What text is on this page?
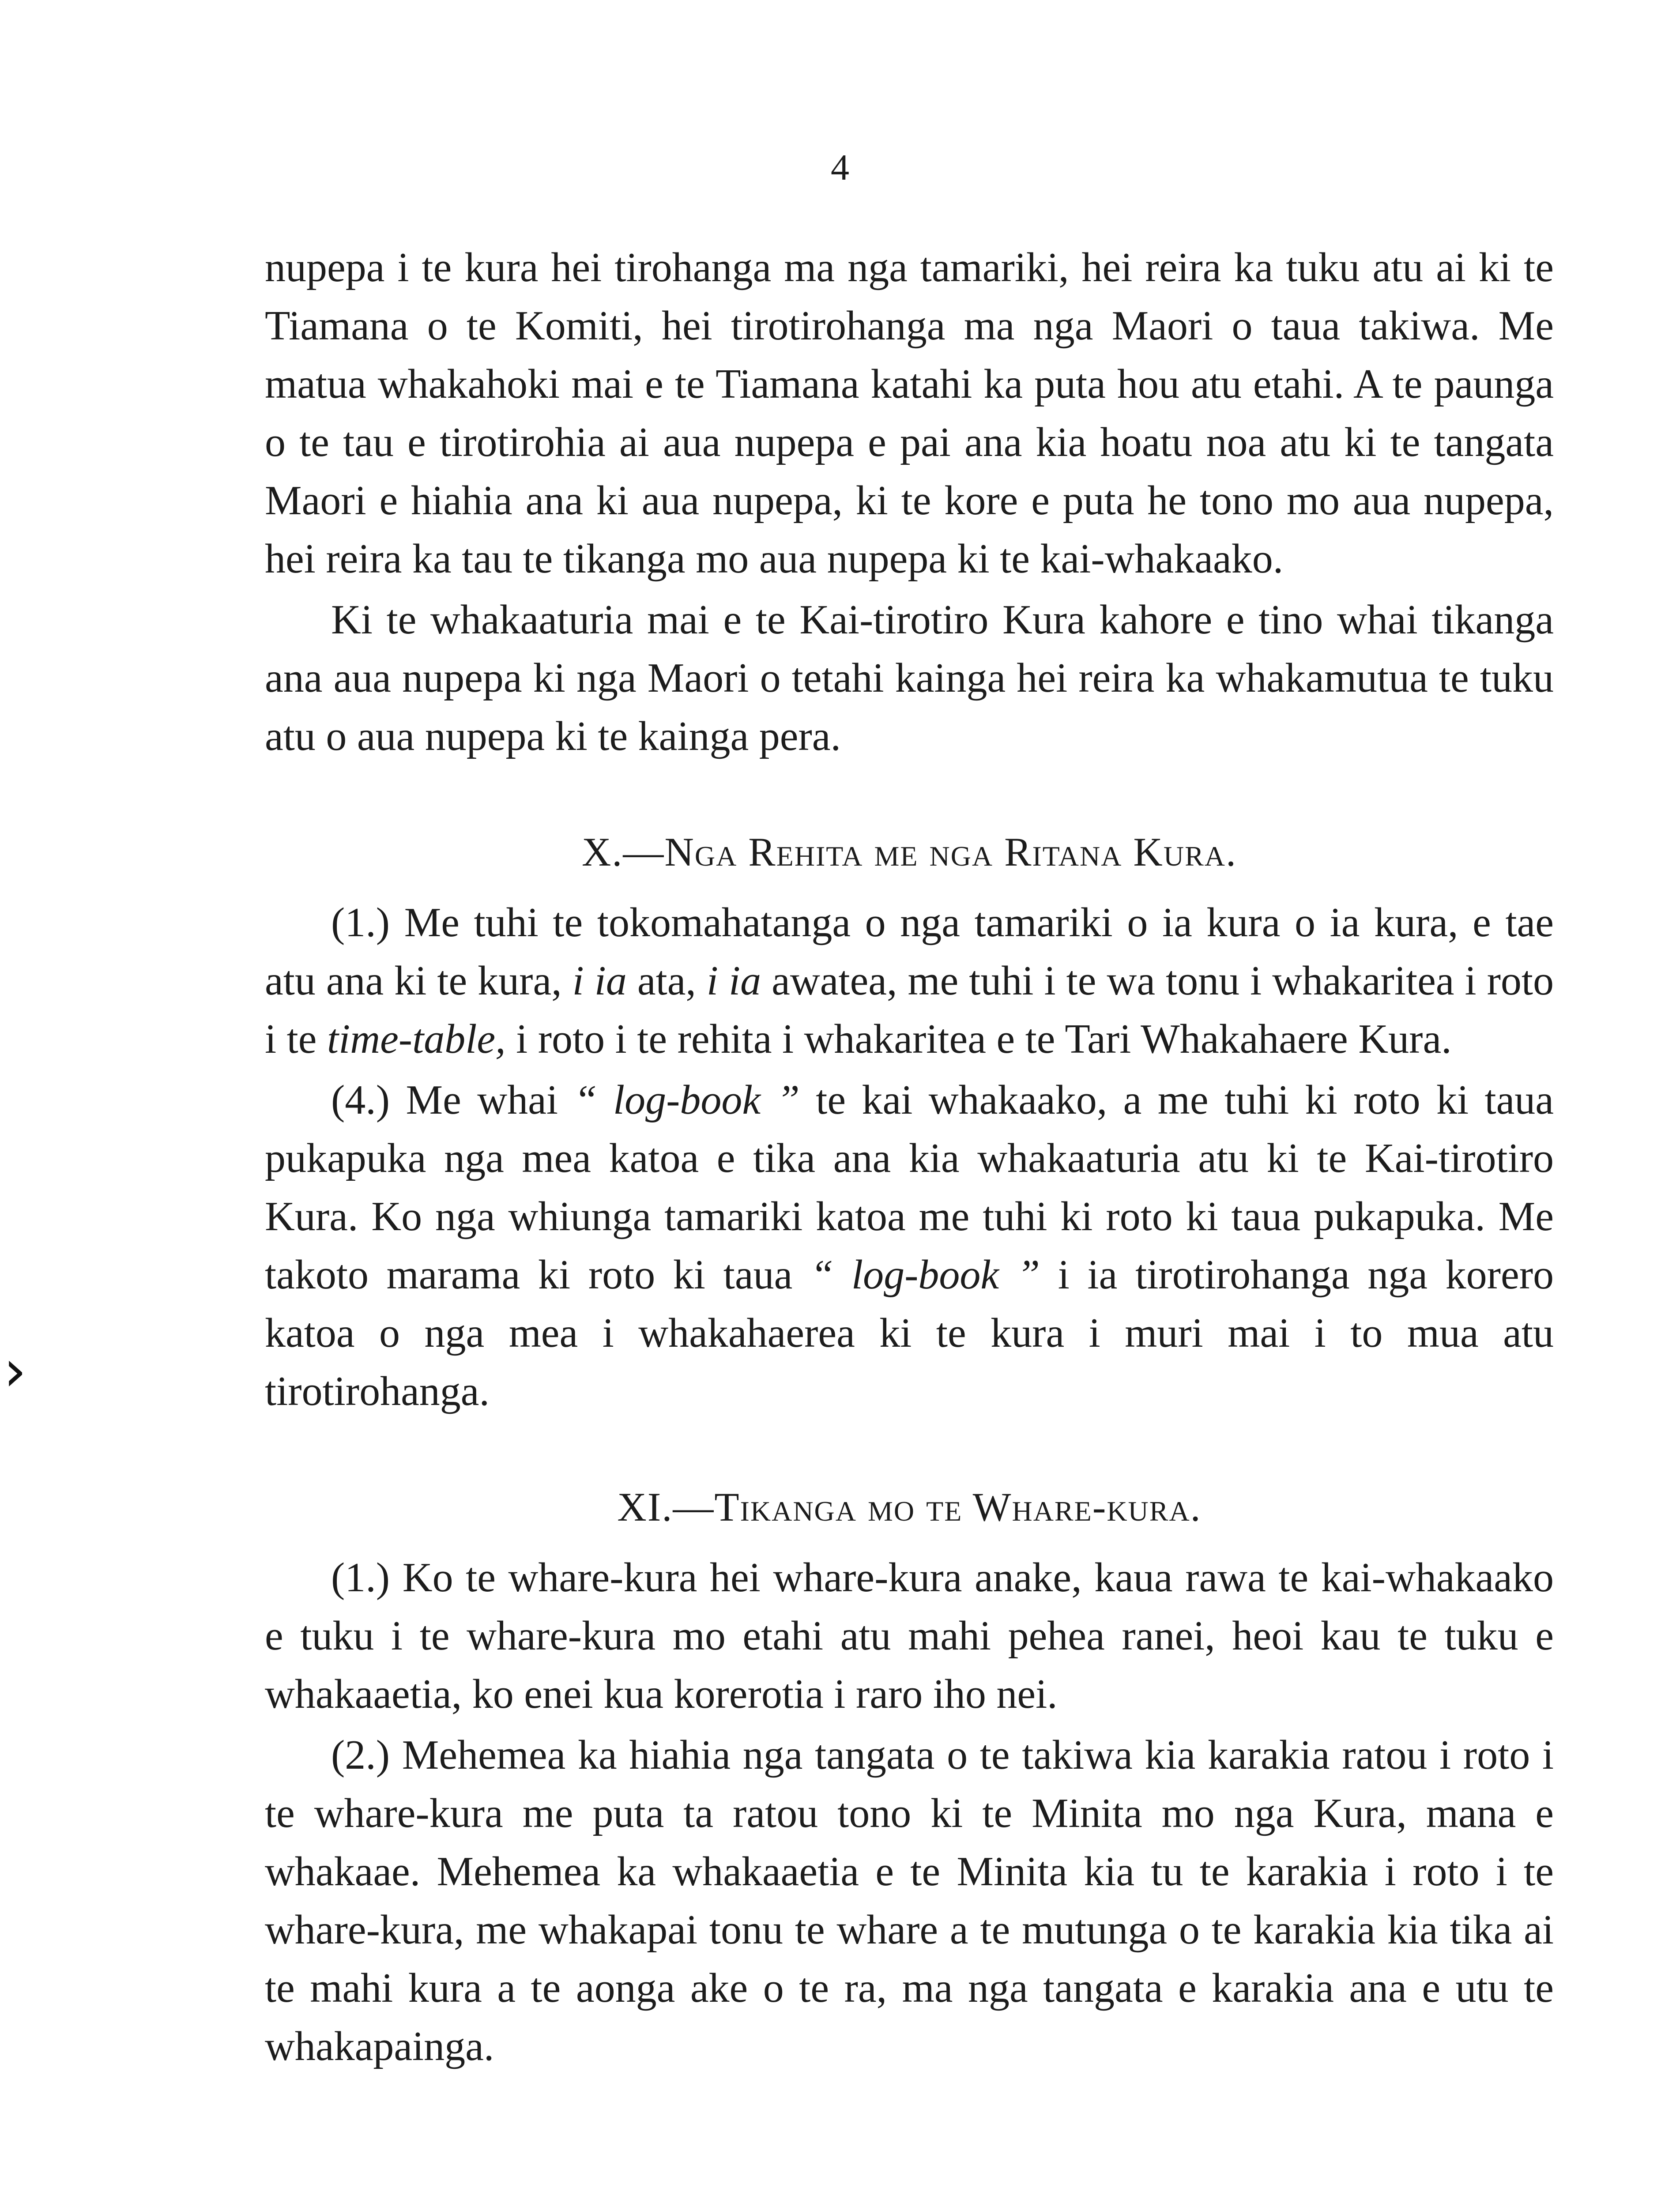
4
›

nupepa i te kura hei tirohanga ma nga tamariki, hei reira ka tuku atu ai ki te Tiamana o te Komiti, hei tirotirohanga ma nga Maori o taua takiwa. Me matua whakahoki mai e te Tiamana katahi ka puta hou atu etahi. A te paunga o te tau e tirotirohia ai aua nupepa e pai ana kia hoatu noa atu ki te tangata Maori e hiahia ana ki aua nupepa, ki te kore e puta he tono mo aua nupepa, hei reira ka tau te tikanga mo aua nupepa ki te kai-whakaako.

Ki te whakaaturia mai e te Kai-tirotiro Kura kahore e tino whai tikanga ana aua nupepa ki nga Maori o tetahi kainga hei reira ka whakamutua te tuku atu o aua nupepa ki te kainga pera.

X.—Nga Rehita me nga Ritana Kura.

(1.) Me tuhi te tokomahatanga o nga tamariki o ia kura o ia kura, e tae atu ana ki te kura, i ia ata, i ia awatea, me tuhi i te wa tonu i whakaritea i roto i te time-table, i roto i te rehita i whakaritea e te Tari Whakahaere Kura.

(4.) Me whai “ log-book ” te kai whakaako, a me tuhi ki roto ki taua pukapuka nga mea katoa e tika ana kia whakaaturia atu ki te Kai-tirotiro Kura. Ko nga whiunga tamariki katoa me tuhi ki roto ki taua pukapuka. Me takoto marama ki roto ki taua “ log-book ” i ia tirotirohanga nga korero katoa o nga mea i whakahaerea ki te kura i muri mai i to mua atu tirotirohanga.

XI.—Tikanga mo te Whare-kura.

(1.) Ko te whare-kura hei whare-kura anake, kaua rawa te kai-whakaako e tuku i te whare-kura mo etahi atu mahi pehea ranei, heoi kau te tuku e whakaaetia, ko enei kua korerotia i raro iho nei.

(2.) Mehemea ka hiahia nga tangata o te takiwa kia karakia ratou i roto i te whare-kura me puta ta ratou tono ki te Minita mo nga Kura, mana e whakaae. Mehemea ka whakaaetia e te Minita kia tu te karakia i roto i te whare-kura, me whakapai tonu te whare a te mutunga o te karakia kia tika ai te mahi kura a te aonga ake o te ra, ma nga tangata e karakia ana e utu te whakapainga.
